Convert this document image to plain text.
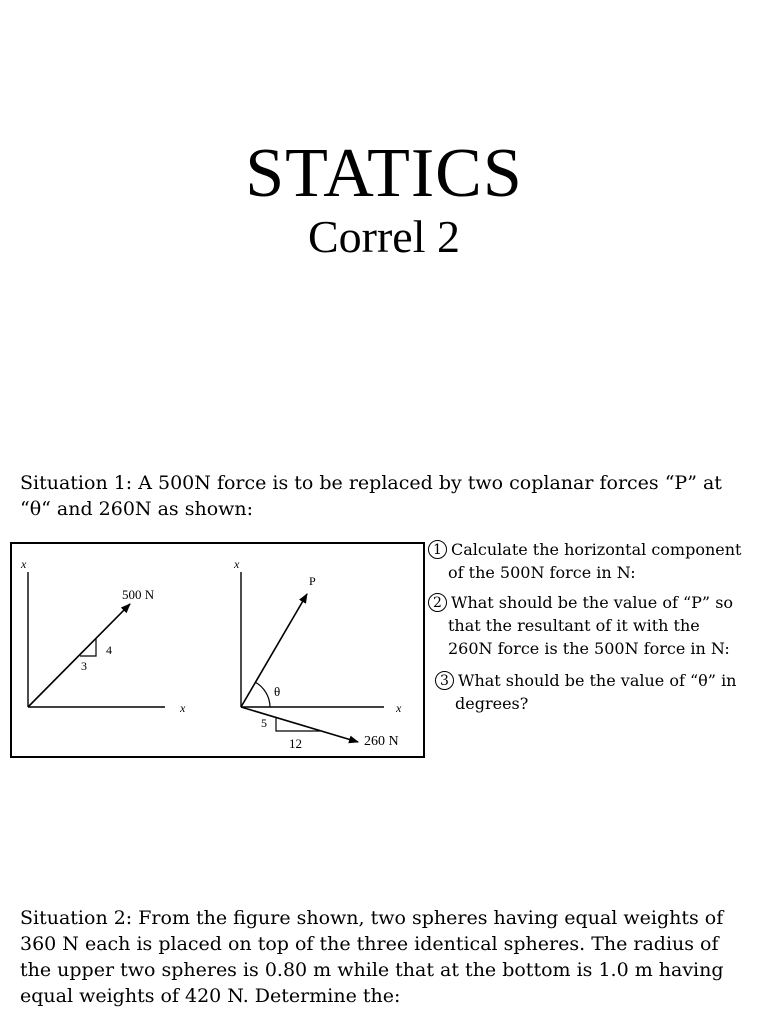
STATICS
Correl 2
Situation 1: A 500N force is to be replaced by two coplanar forces “P” at “θ“ and 260N as shown:
x
x
500 N
4
3
x
x
P
θ
5
12	260 N
1 Calculate the horizontal component
of the 500N force in N:
2 What should be the value of “P” so
that the resultant of it with the
260N force is the 500N force in N:
3 What should be the value of “θ” in
degrees?
Situation 2: From the figure shown, two spheres having equal weights of 360 N each is placed on top of the three identical spheres. The radius of the upper two spheres is 0.80 m while that at the bottom is 1.0 m having equal weights of 420 N. Determine the:
